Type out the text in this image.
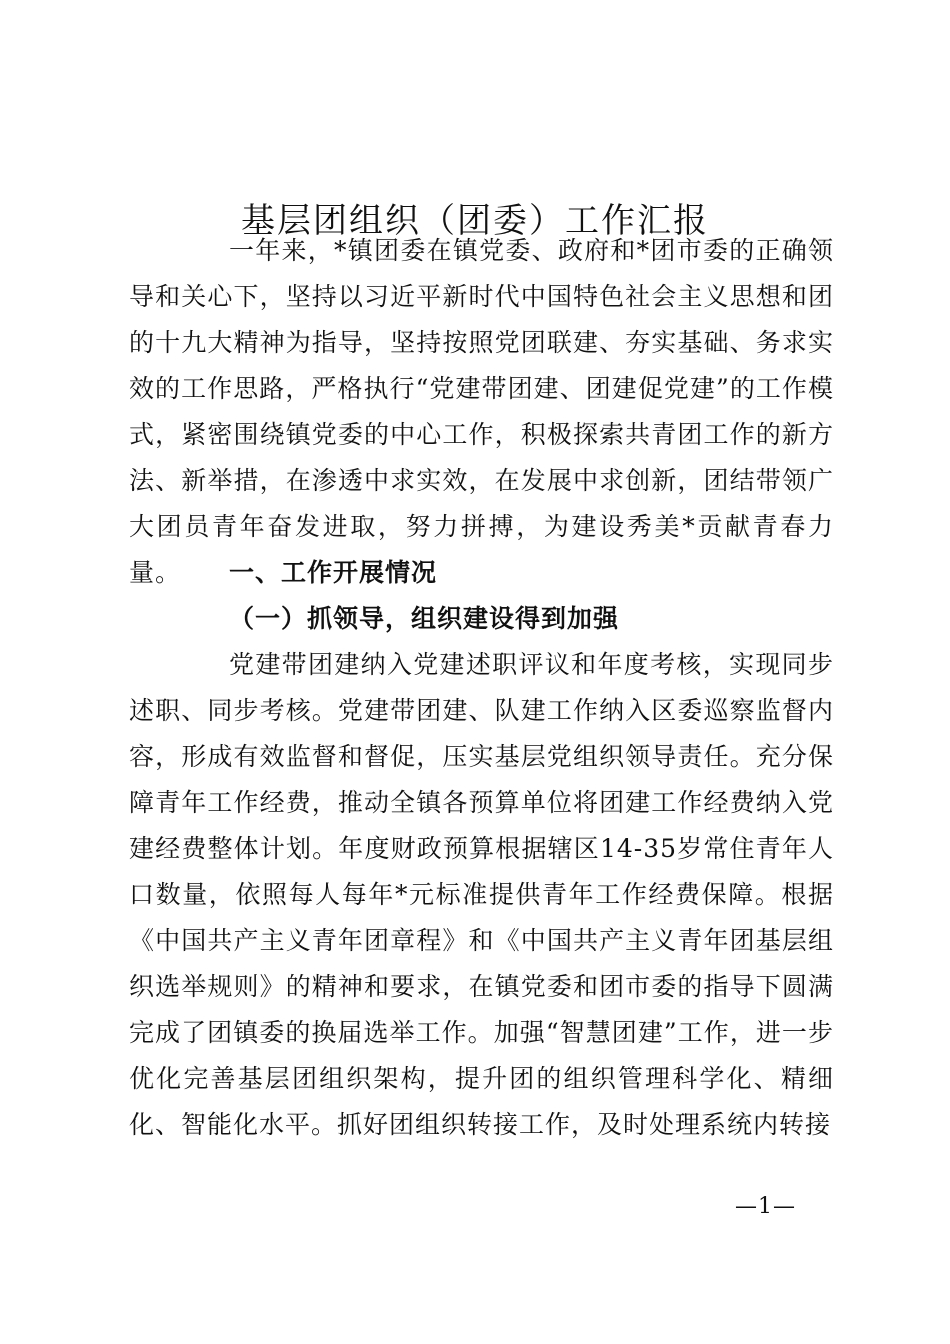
基层团组织（团委）工作汇报

一年来，*镇团委在镇党委、政府和*团市委的正确领导和关心下，坚持以习近平新时代中国特色社会主义思想和团的十九大精神为指导，坚持按照党团联建、夯实基础、务求实效的工作思路，严格执行“党建带团建、团建促党建”的工作模式，紧密围绕镇党委的中心工作，积极探索共青团工作的新方法、新举措，在渗透中求实效，在发展中求创新，团结带领广大团员青年奋发进取，努力拼搏，为建设秀美*贡献青春力量。	一、工作开展情况
（一）抓领导，组织建设得到加强

党建带团建纳入党建述职评议和年度考核，实现同步述职、同步考核。党建带团建、队建工作纳入区委巡察监督内容，形成有效监督和督促，压实基层党组织领导责任。充分保障青年工作经费，推动全镇各预算单位将团建工作经费纳入党建经费整体计划。年度财政预算根据辖区14-35岁常住青年人口数量，依照每人每年*元标准提供青年工作经费保障。根据《中国共产主义青年团章程》和《中国共产主义青年团基层组织选举规则》的精神和要求，在镇党委和团市委的指导下圆满完成了团镇委的换届选举工作。加强“智慧团建”工作，进一步优化完善基层团组织架构，提升团的组织管理科学化、精细化、智能化水平。抓好团组织转接工作，及时处理系统内转接

—1—
